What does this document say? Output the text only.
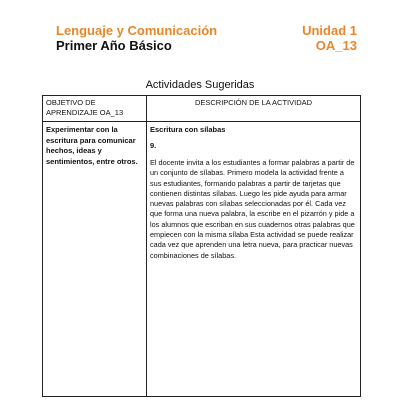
Lenguaje y Comunicación
Primer Año Básico
Unidad 1
OA_13
Actividades Sugeridas
OBJETIVO DE APRENDIZAJE OA_13	DESCRIPCIÓN DE LA ACTIVIDAD

Experimentar con la escritura para comunicar hechos, ideas y sentimientos, entre otros.	Escritura con sílabas
9.

El docente invita a los estudiantes a formar palabras a partir de un conjunto de sílabas. Primero modela la actividad frente a sus estudiantes, formando palabras a partir de tarjetas que contienen distintas sílabas. Luego les pide ayuda para armar nuevas palabras con sílabas seleccionadas por él. Cada vez que forma una nueva palabra, la escribe en el pizarrón y pide a los alumnos que escriban en sus cuadernos otras palabras que empiecen con la misma sílaba Esta actividad se puede realizar cada vez que aprenden una letra nueva, para practicar nuevas combinaciones de sílabas.
